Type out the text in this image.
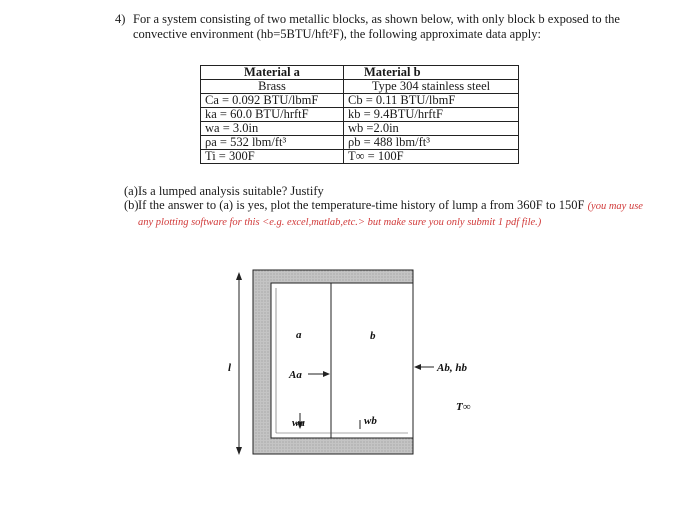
4) For a system consisting of two metallic blocks, as shown below, with only block b exposed to the convective environment (hb=5BTU/hft²F), the following approximate data apply:
Material a	Material b
Brass	Type 304 stainless steel
Ca = 0.092 BTU/lbmF	Cb = 0.11 BTU/lbmF
ka = 60.0 BTU/hrftF	kb = 9.4BTU/hrftF
wa = 3.0in	wb =2.0in
ρa = 532 lbm/ft³	ρb = 488 lbm/ft³
Ti = 300F	T∞ = 100F
(a) Is a lumped analysis suitable? Justify
(b) If the answer to (a) is yes, plot the temperature-time history of lump a from 360F to 150F (you may use any plotting software for this <e.g. excel,matlab,etc.> but make sure you only submit 1 pdf file.)
a	b
l
Aa
Ab, hb
T∞
wa	wb
